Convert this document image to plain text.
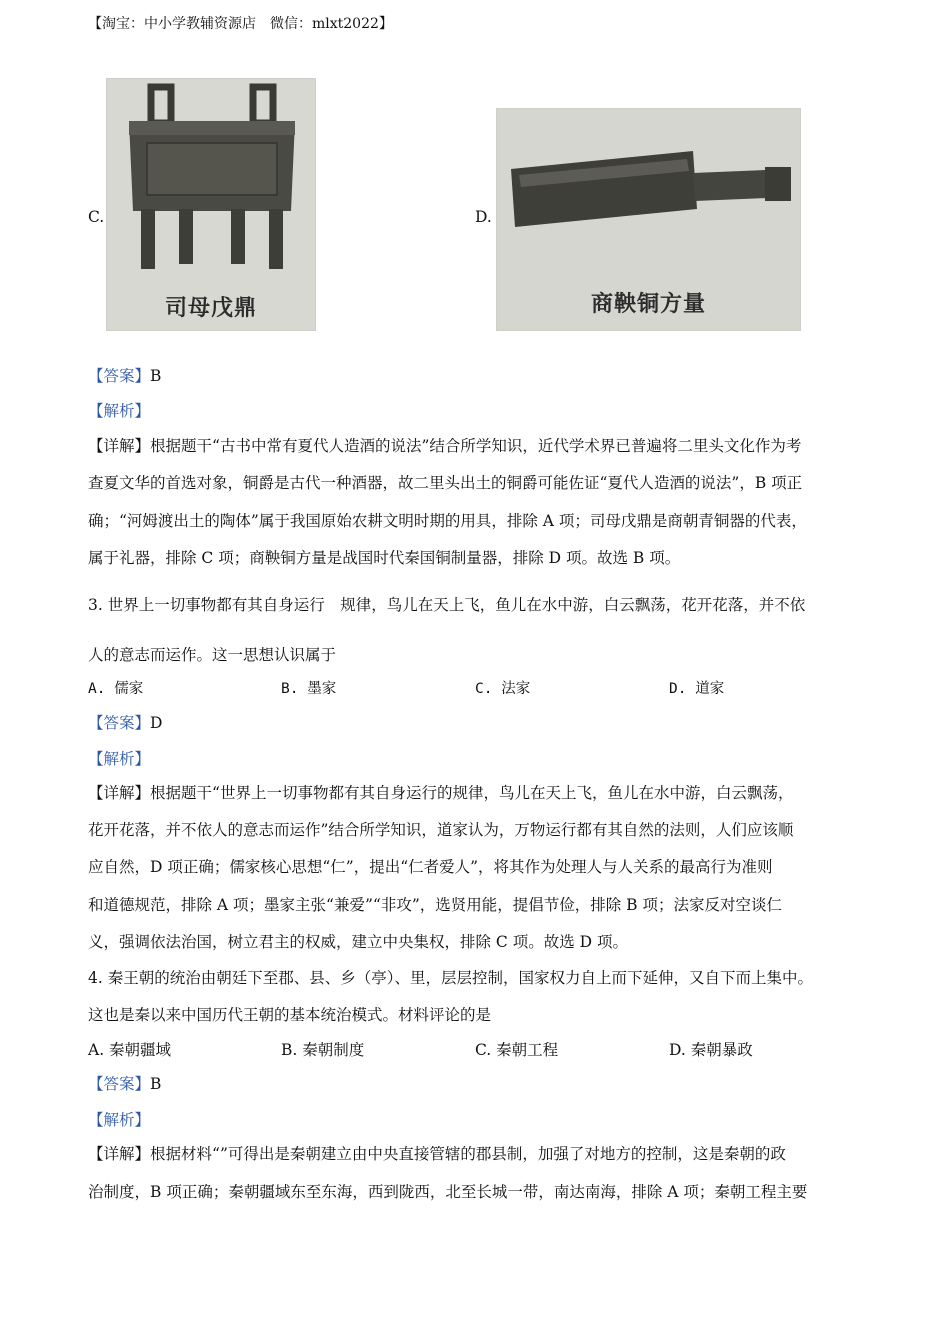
【淘宝：中小学教辅资源店　微信：mlxt2022】
C.
司母戊鼎
D.
商鞅铜方量
【答案】B
【解析】
【详解】根据题干“古书中常有夏代人造酒的说法”结合所学知识，近代学术界已普遍将二里头文化作为考
查夏文华的首选对象，铜爵是古代一种酒器，故二里头出土的铜爵可能佐证“夏代人造酒的说法”，B 项正
确；“河姆渡出土的陶体”属于我国原始农耕文明时期的用具，排除 A 项；司母戊鼎是商朝青铜器的代表，
属于礼器，排除 C 项；商鞅铜方量是战国时代秦国铜制量器，排除 D 项。故选 B 项。
3. 世界上一切事物都有其自身运行　规律，鸟儿在天上飞，鱼儿在水中游，白云飘荡，花开花落，并不依
人的意志而运作。这一思想认识属于
A. 儒家	B. 墨家	C. 法家	D. 道家
【答案】D
【解析】
【详解】根据题干“世界上一切事物都有其自身运行的规律，鸟儿在天上飞，鱼儿在水中游，白云飘荡，
花开花落，并不依人的意志而运作”结合所学知识，道家认为，万物运行都有其自然的法则，人们应该顺
应自然，D 项正确；儒家核心思想“仁”，提出“仁者爱人”，将其作为处理人与人关系的最高行为准则
和道德规范，排除 A 项；墨家主张“兼爱”“非攻”，选贤用能，提倡节俭，排除 B 项；法家反对空谈仁
义，强调依法治国，树立君主的权威，建立中央集权，排除 C 项。故选 D 项。
4. 秦王朝的统治由朝廷下至郡、县、乡（亭）、里，层层控制，国家权力自上而下延伸，又自下而上集中。
这也是秦以来中国历代王朝的基本统治模式。材料评论的是
A. 秦朝疆域	B. 秦朝制度	C. 秦朝工程	D. 秦朝暴政
【答案】B
【解析】
【详解】根据材料“”可得出是秦朝建立由中央直接管辖的郡县制，加强了对地方的控制，这是秦朝的政
治制度，B 项正确；秦朝疆域东至东海，西到陇西，北至长城一带，南达南海，排除 A 项；秦朝工程主要
